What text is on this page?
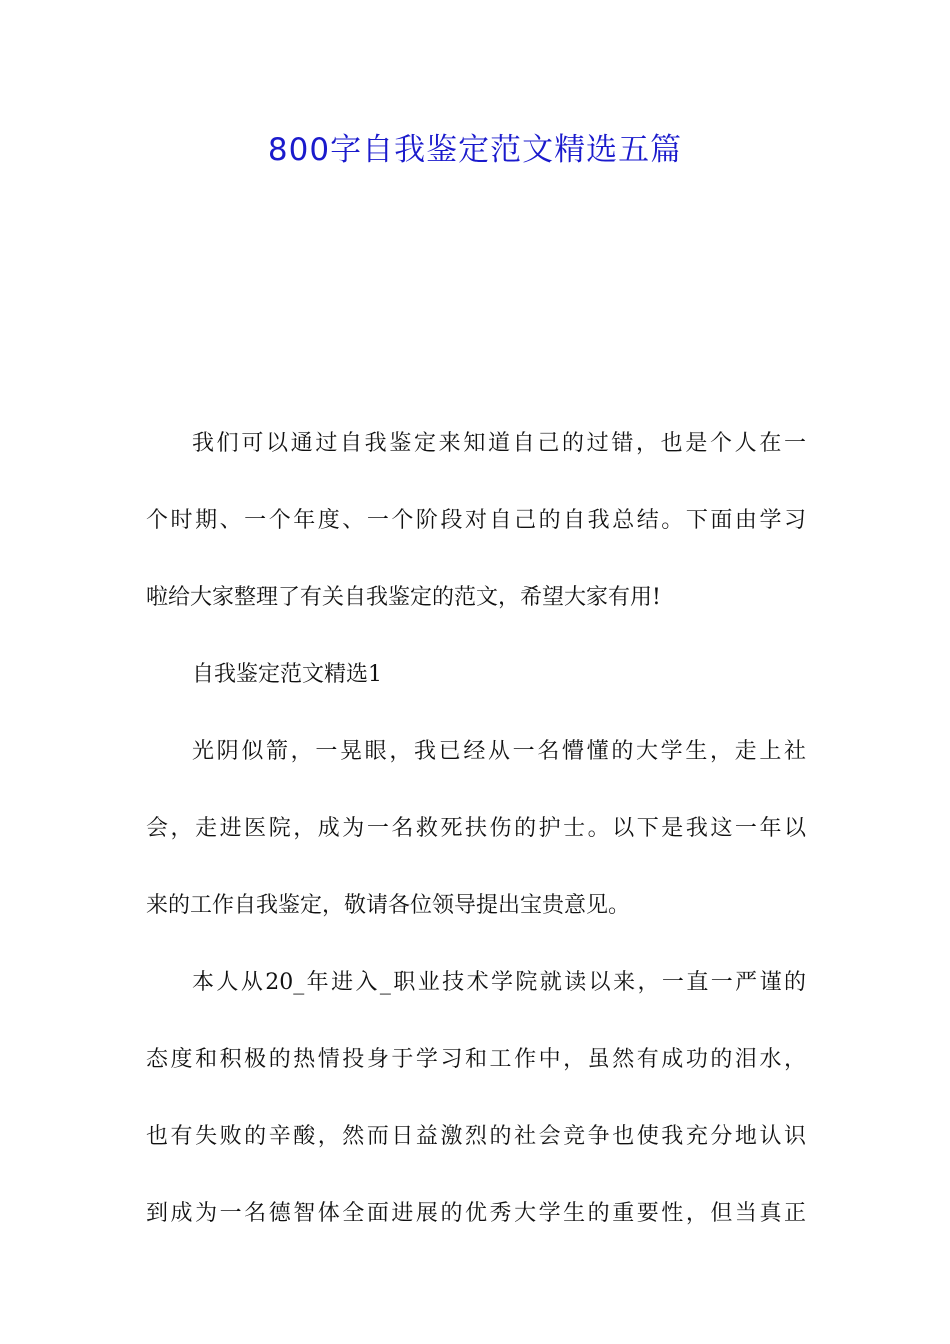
800字自我鉴定范文精选五篇
我们可以通过自我鉴定来知道自己的过错，也是个人在一
个时期、一个年度、一个阶段对自己的自我总结。下面由学习
啦给大家整理了有关自我鉴定的范文，希望大家有用!
自我鉴定范文精选1
光阴似箭，一晃眼，我已经从一名懵懂的大学生，走上社
会，走进医院，成为一名救死扶伤的护士。以下是我这一年以
来的工作自我鉴定，敬请各位领导提出宝贵意见。
本人从20_年进入_职业技术学院就读以来，一直一严谨的
态度和积极的热情投身于学习和工作中，虽然有成功的泪水，
也有失败的辛酸，然而日益激烈的社会竞争也使我充分地认识
到成为一名德智体全面进展的优秀大学生的重要性，但当真正
